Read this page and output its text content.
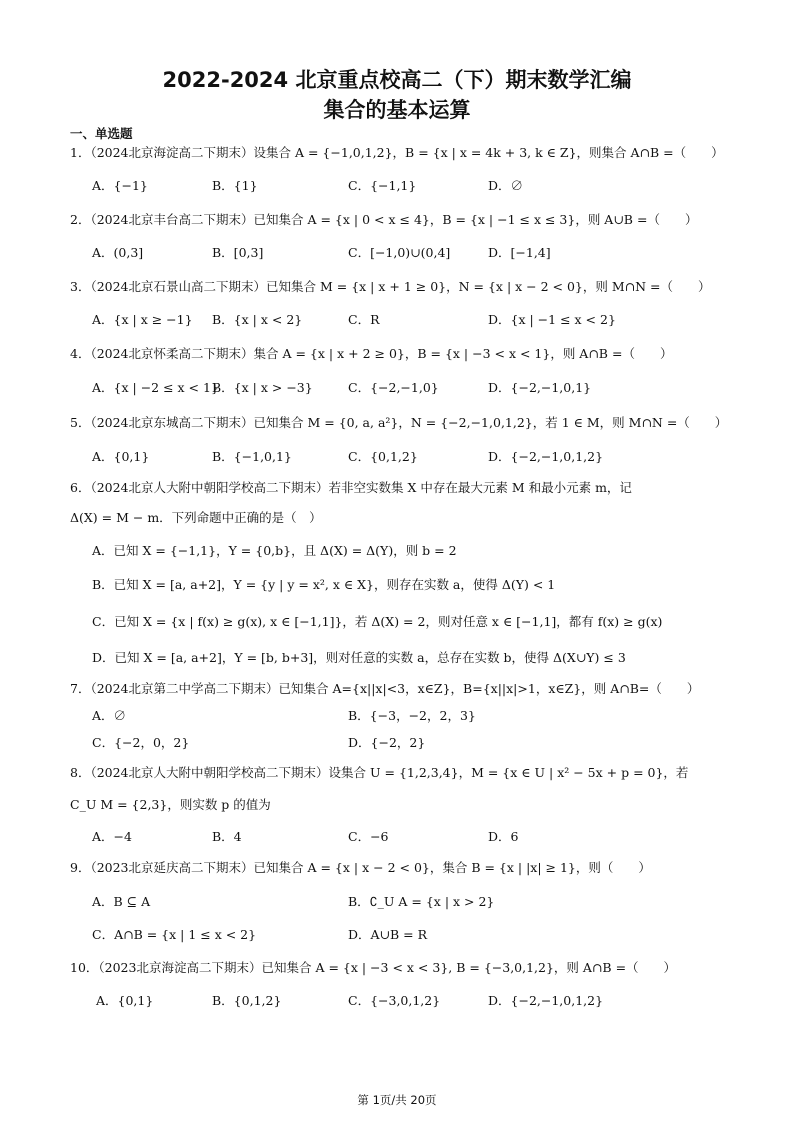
2022-2024 北京重点校高二（下）期末数学汇编
集合的基本运算
一、单选题
1．（2024北京海淀高二下期末）设集合 A = {−1,0,1,2}，B = {x | x = 4k + 3, k ∈ Z}，则集合 A∩B =（　　）
A．{−1}	B．{1}	C．{−1,1}	D．∅
2．（2024北京丰台高二下期末）已知集合 A = {x | 0 < x ≤ 4}，B = {x | −1 ≤ x ≤ 3}，则 A∪B =（　　）
A．(0,3]	B．[0,3]	C．[−1,0)∪(0,4]	D．[−1,4]
3．（2024北京石景山高二下期末）已知集合 M = {x | x + 1 ≥ 0}，N = {x | x − 2 < 0}，则 M∩N =（　　）
A．{x | x ≥ −1} B．{x | x < 2}	C．R	D．{x | −1 ≤ x < 2}
4．（2024北京怀柔高二下期末）集合 A = {x | x + 2 ≥ 0}，B = {x | −3 < x < 1}，则 A∩B =（　　）
A．{x | −2 ≤ x < 1}
B．{x | x > −3}	C．{−2,−1,0}	D．{−2,−1,0,1}
5．（2024北京东城高二下期末）已知集合 M = {0, a, a²}，N = {−2,−1,0,1,2}，若 1 ∈ M，则 M∩N =（　　）
A．{0,1}	B．{−1,0,1}	C．{0,1,2}	D．{−2,−1,0,1,2}
6．（2024北京人大附中朝阳学校高二下期末）若非空实数集 X 中存在最大元素 M 和最小元素 m，记
Δ(X) = M − m．下列命题中正确的是（　）
A．已知 X = {−1,1}，Y = {0,b}，且 Δ(X) = Δ(Y)，则 b = 2
B．已知 X = [a, a+2]，Y = {y | y = x², x ∈ X}，则存在实数 a，使得 Δ(Y) < 1
C．已知 X = {x | f(x) ≥ g(x), x ∈ [−1,1]}，若 Δ(X) = 2，则对任意 x ∈ [−1,1]，都有 f(x) ≥ g(x)
D．已知 X = [a, a+2]，Y = [b, b+3]，则对任意的实数 a，总存在实数 b，使得 Δ(X∪Y) ≤ 3
7．（2024北京第二中学高二下期末）已知集合 A={x||x|<3，x∈Z}，B={x||x|>1，x∈Z}，则 A∩B=（　　）
A．∅	B．{−3，−2，2，3}
C．{−2，0，2}	D．{−2，2}
8．（2024北京人大附中朝阳学校高二下期末）设集合 U = {1,2,3,4}，M = {x ∈ U | x² − 5x + p = 0}，若
C_U M = {2,3}，则实数 p 的值为
A．−4	B．4	C．−6	D．6
9．（2023北京延庆高二下期末）已知集合 A = {x | x − 2 < 0}，集合 B = {x | |x| ≥ 1}，则（　　）
A．B ⊆ A	B．∁_U A = {x | x > 2}
C．A∩B = {x | 1 ≤ x < 2}	D．A∪B = R
10．（2023北京海淀高二下期末）已知集合 A = {x | −3 < x < 3}, B = {−3,0,1,2}，则 A∩B =（　　）
A．{0,1}	B．{0,1,2}	C．{−3,0,1,2}	D．{−2,−1,0,1,2}
第 1页/共 20页
